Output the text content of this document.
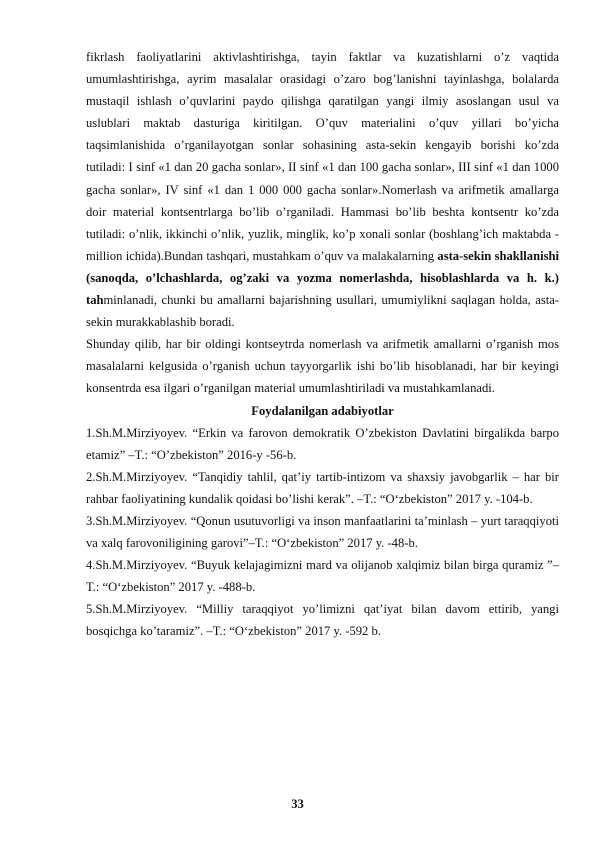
fikrlash faoliyatlarini aktivlashtirishga, tayin faktlar va kuzatishlarni o’z vaqtida umumlashtirishga, ayrim masalalar orasidagi o’zaro bog’lanishni tayinlashga, bolalarda mustaqil ishlash o’quvlarini paydo qilishga qaratilgan yangi ilmiy asoslangan usul va uslublari maktab dasturiga kiritilgan. O’quv materialini o’quv yillari bo’yicha taqsimlanishida o’rganilayotgan sonlar sohasining asta-sekin kengayib borishi ko’zda tutiladi: I sinf «1 dan 20 gacha sonlar», II sinf «1 dan 100 gacha sonlar», III sinf «1 dan 1000 gacha sonlar», IV sinf «1 dan 1 000 000 gacha sonlar».Nomerlash va arifmetik amallarga doir material kontsentrlarga bo’lib o’rganiladi. Hammasi bo’lib beshta kontsentr ko’zda tutiladi: o’nlik, ikkinchi o’nlik, yuzlik, minglik, ko’p xonali sonlar (boshlang’ich maktabda - million ichida).Bundan tashqari, mustahkam o’quv va malakalarning asta-sekin shakllanishi (sanoqda, o’lchashlarda, og’zaki va yozma nomerlashda, hisoblashlarda va h. k.) tahminlanadi, chunki bu amallarni bajarishning usullari, umumiylikni saqlagan holda, asta-sekin murakkablashib boradi.

Shunday qilib, har bir oldingi kontseytrda nomerlash va arifmetik amallarni o’rganish mos masalalarni kelgusida o’rganish uchun tayyorgarlik ishi bo’lib hisoblanadi, har bir keyingi konsentrda esa ilgari o’rganilgan material umumlashtiriladi va mustahkamlanadi.

Foydalanilgan adabiyotlar

1.Sh.M.Mirziyoyev. “Erkin va farovon demokratik O’zbekiston Davlatini birgalikda barpo etamiz” –T.: “O’zbekiston” 2016-y -56-b.

2.Sh.M.Mirziyoyev. “Tanqidiy tahlil, qat’iy tartib-intizom va shaxsiy javobgarlik – har bir rahbar faoliyatining kundalik qoidasi bo’lishi kerak”. –T.: “O‘zbekiston” 2017 y. -104-b.

3.Sh.M.Mirziyoyev. “Qonun usutuvorligi va inson manfaatlarini ta’minlash – yurt taraqqiyoti va xalq farovoniligining garovi”–T.: “O‘zbekiston” 2017 y. -48-b.

4.Sh.M.Mirziyoyev. “Buyuk kelajagimizni mard va olijanob xalqimiz bilan birga quramiz ”–T.: “O‘zbekiston” 2017 y. -488-b.

5.Sh.M.Mirziyoyev. “Milliy taraqqiyot yo’limizni qat’iyat bilan davom ettirib, yangi bosqichga ko’taramiz”. –T.: “O‘zbekiston” 2017 y. -592 b.

33
